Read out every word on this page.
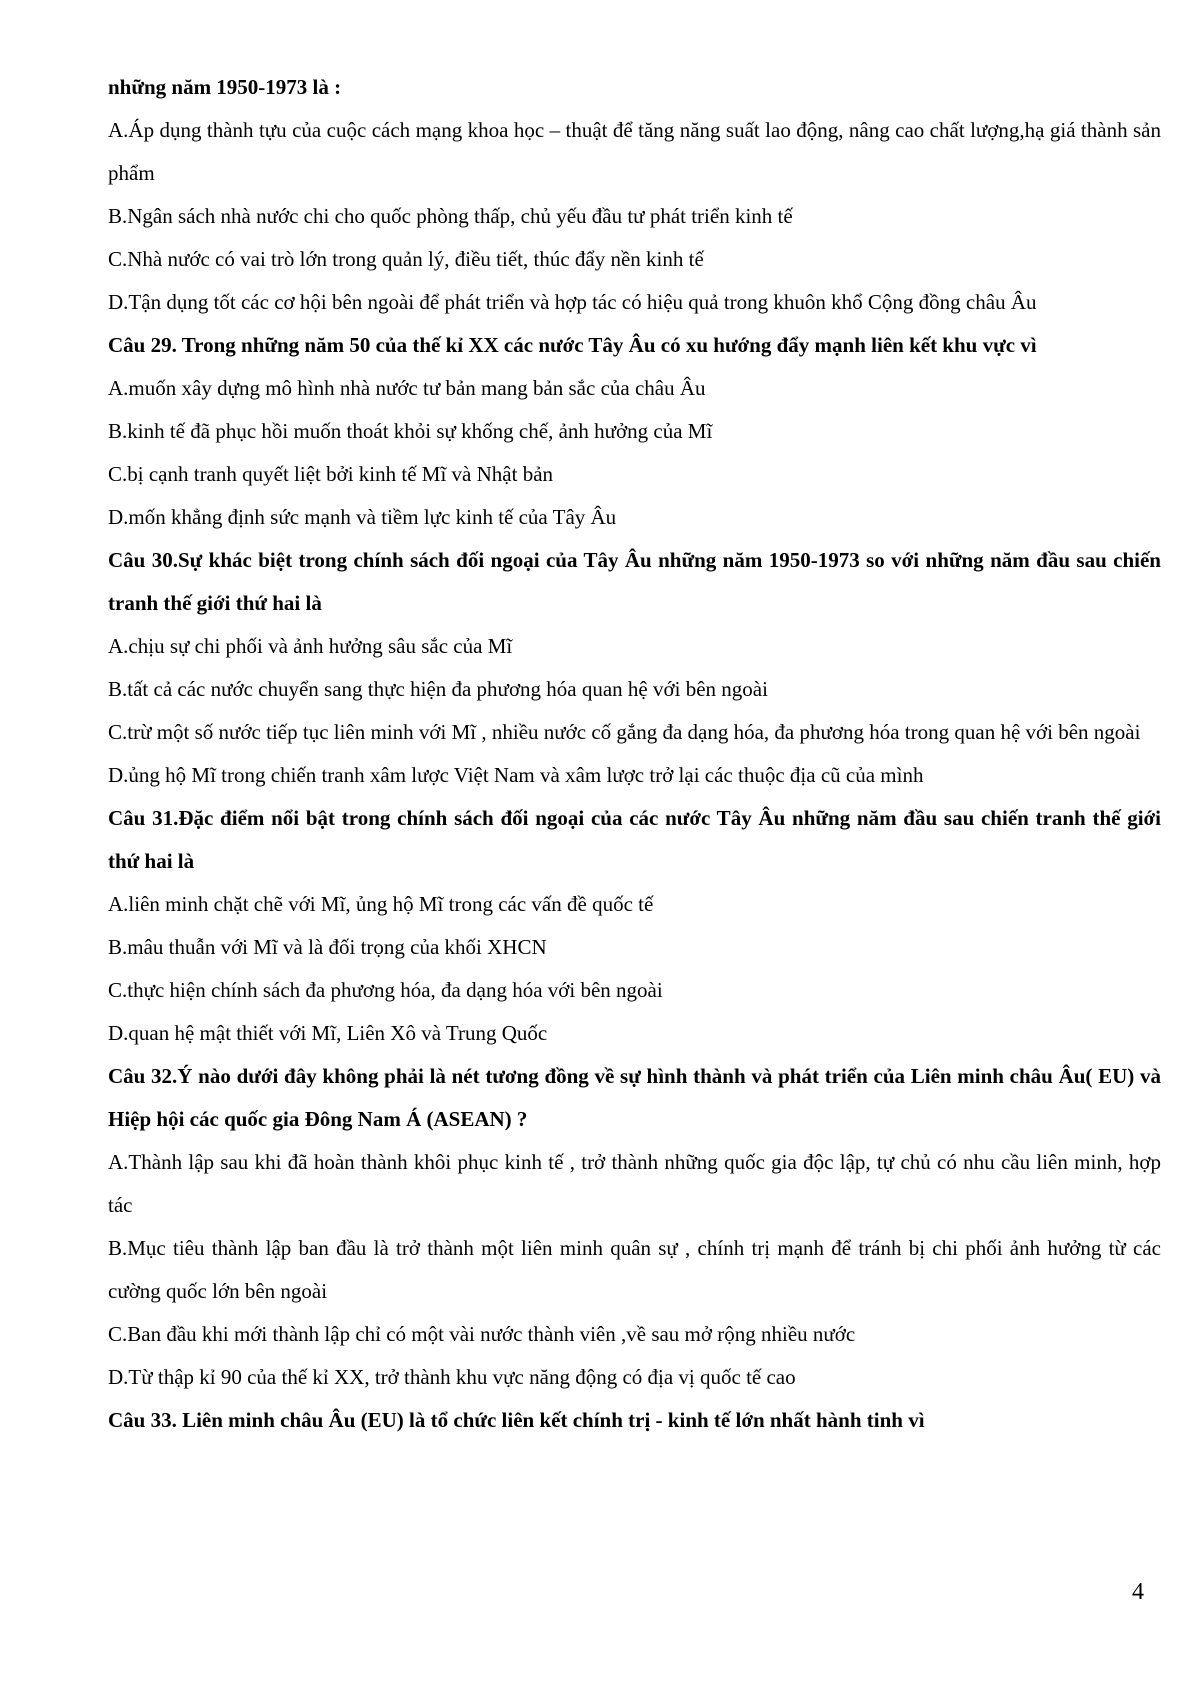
những năm 1950-1973 là :

A.Áp dụng thành tựu của cuộc cách mạng khoa học – thuật để tăng năng suất lao động, nâng cao chất lượng,hạ giá thành sản phẩm

B.Ngân sách nhà nước chi cho quốc phòng thấp, chủ yếu đầu tư phát triển kinh tế

C.Nhà nước có vai trò lớn trong quản lý, điều tiết, thúc đẩy nền kinh tế

D.Tận dụng tốt các cơ hội bên ngoài để phát triển và hợp tác có hiệu quả trong khuôn khổ Cộng đồng châu Âu

Câu 29. Trong những năm 50 của thế kỉ XX các nước Tây Âu có xu hướng đẩy mạnh liên kết khu vực vì

A.muốn xây dựng mô hình nhà nước tư bản mang bản sắc của châu Âu

B.kinh tế đã phục hồi muốn thoát khỏi sự khống chế, ảnh hưởng của Mĩ

C.bị cạnh tranh quyết liệt bởi kinh tế Mĩ và Nhật bản

D.mốn khẳng định sức mạnh và tiềm lực kinh tế của Tây Âu

Câu 30.Sự khác biệt trong chính sách đối ngoại của Tây Âu những năm 1950-1973 so với những năm đầu sau chiến tranh thế giới thứ hai là

A.chịu sự chi phối và ảnh hưởng sâu sắc của Mĩ

B.tất cả các nước chuyển sang thực hiện đa phương hóa quan hệ với bên ngoài

C.trừ một số nước tiếp tục liên minh với Mĩ , nhiều nước cố gắng đa dạng hóa, đa phương hóa trong quan hệ với bên ngoài

D.ủng hộ Mĩ trong chiến tranh xâm lược Việt Nam và xâm lược trở lại các thuộc địa cũ của mình

Câu 31.Đặc điểm nổi bật trong chính sách đối ngoại của các nước Tây Âu những năm đầu sau chiến tranh thế giới thứ hai là

A.liên minh chặt chẽ với Mĩ, ủng hộ Mĩ trong các vấn đề quốc tế

B.mâu thuẫn với Mĩ và là đối trọng của khối XHCN

C.thực hiện chính sách đa phương hóa, đa dạng hóa với bên ngoài

D.quan hệ mật thiết với Mĩ, Liên Xô và Trung Quốc

Câu 32.Ý nào dưới đây không phải là nét tương đồng về sự hình thành và phát triển của Liên minh châu Âu( EU) và Hiệp hội các quốc gia Đông Nam Á (ASEAN) ?

A.Thành lập sau khi đã hoàn thành khôi phục kinh tế , trở thành những quốc gia độc lập, tự chủ có nhu cầu liên minh, hợp tác

B.Mục tiêu thành lập ban đầu là trở thành một liên minh quân sự , chính trị mạnh để tránh bị chi phối ảnh hưởng từ các cường quốc lớn bên ngoài

C.Ban đầu khi mới thành lập chỉ có một vài nước thành viên ,về sau mở rộng nhiều nước

D.Từ thập kỉ 90 của thế kỉ XX, trở thành khu vực năng động có địa vị quốc tế cao

Câu 33. Liên minh châu Âu (EU) là tổ chức liên kết chính trị - kinh tế lớn nhất hành tinh vì

4
